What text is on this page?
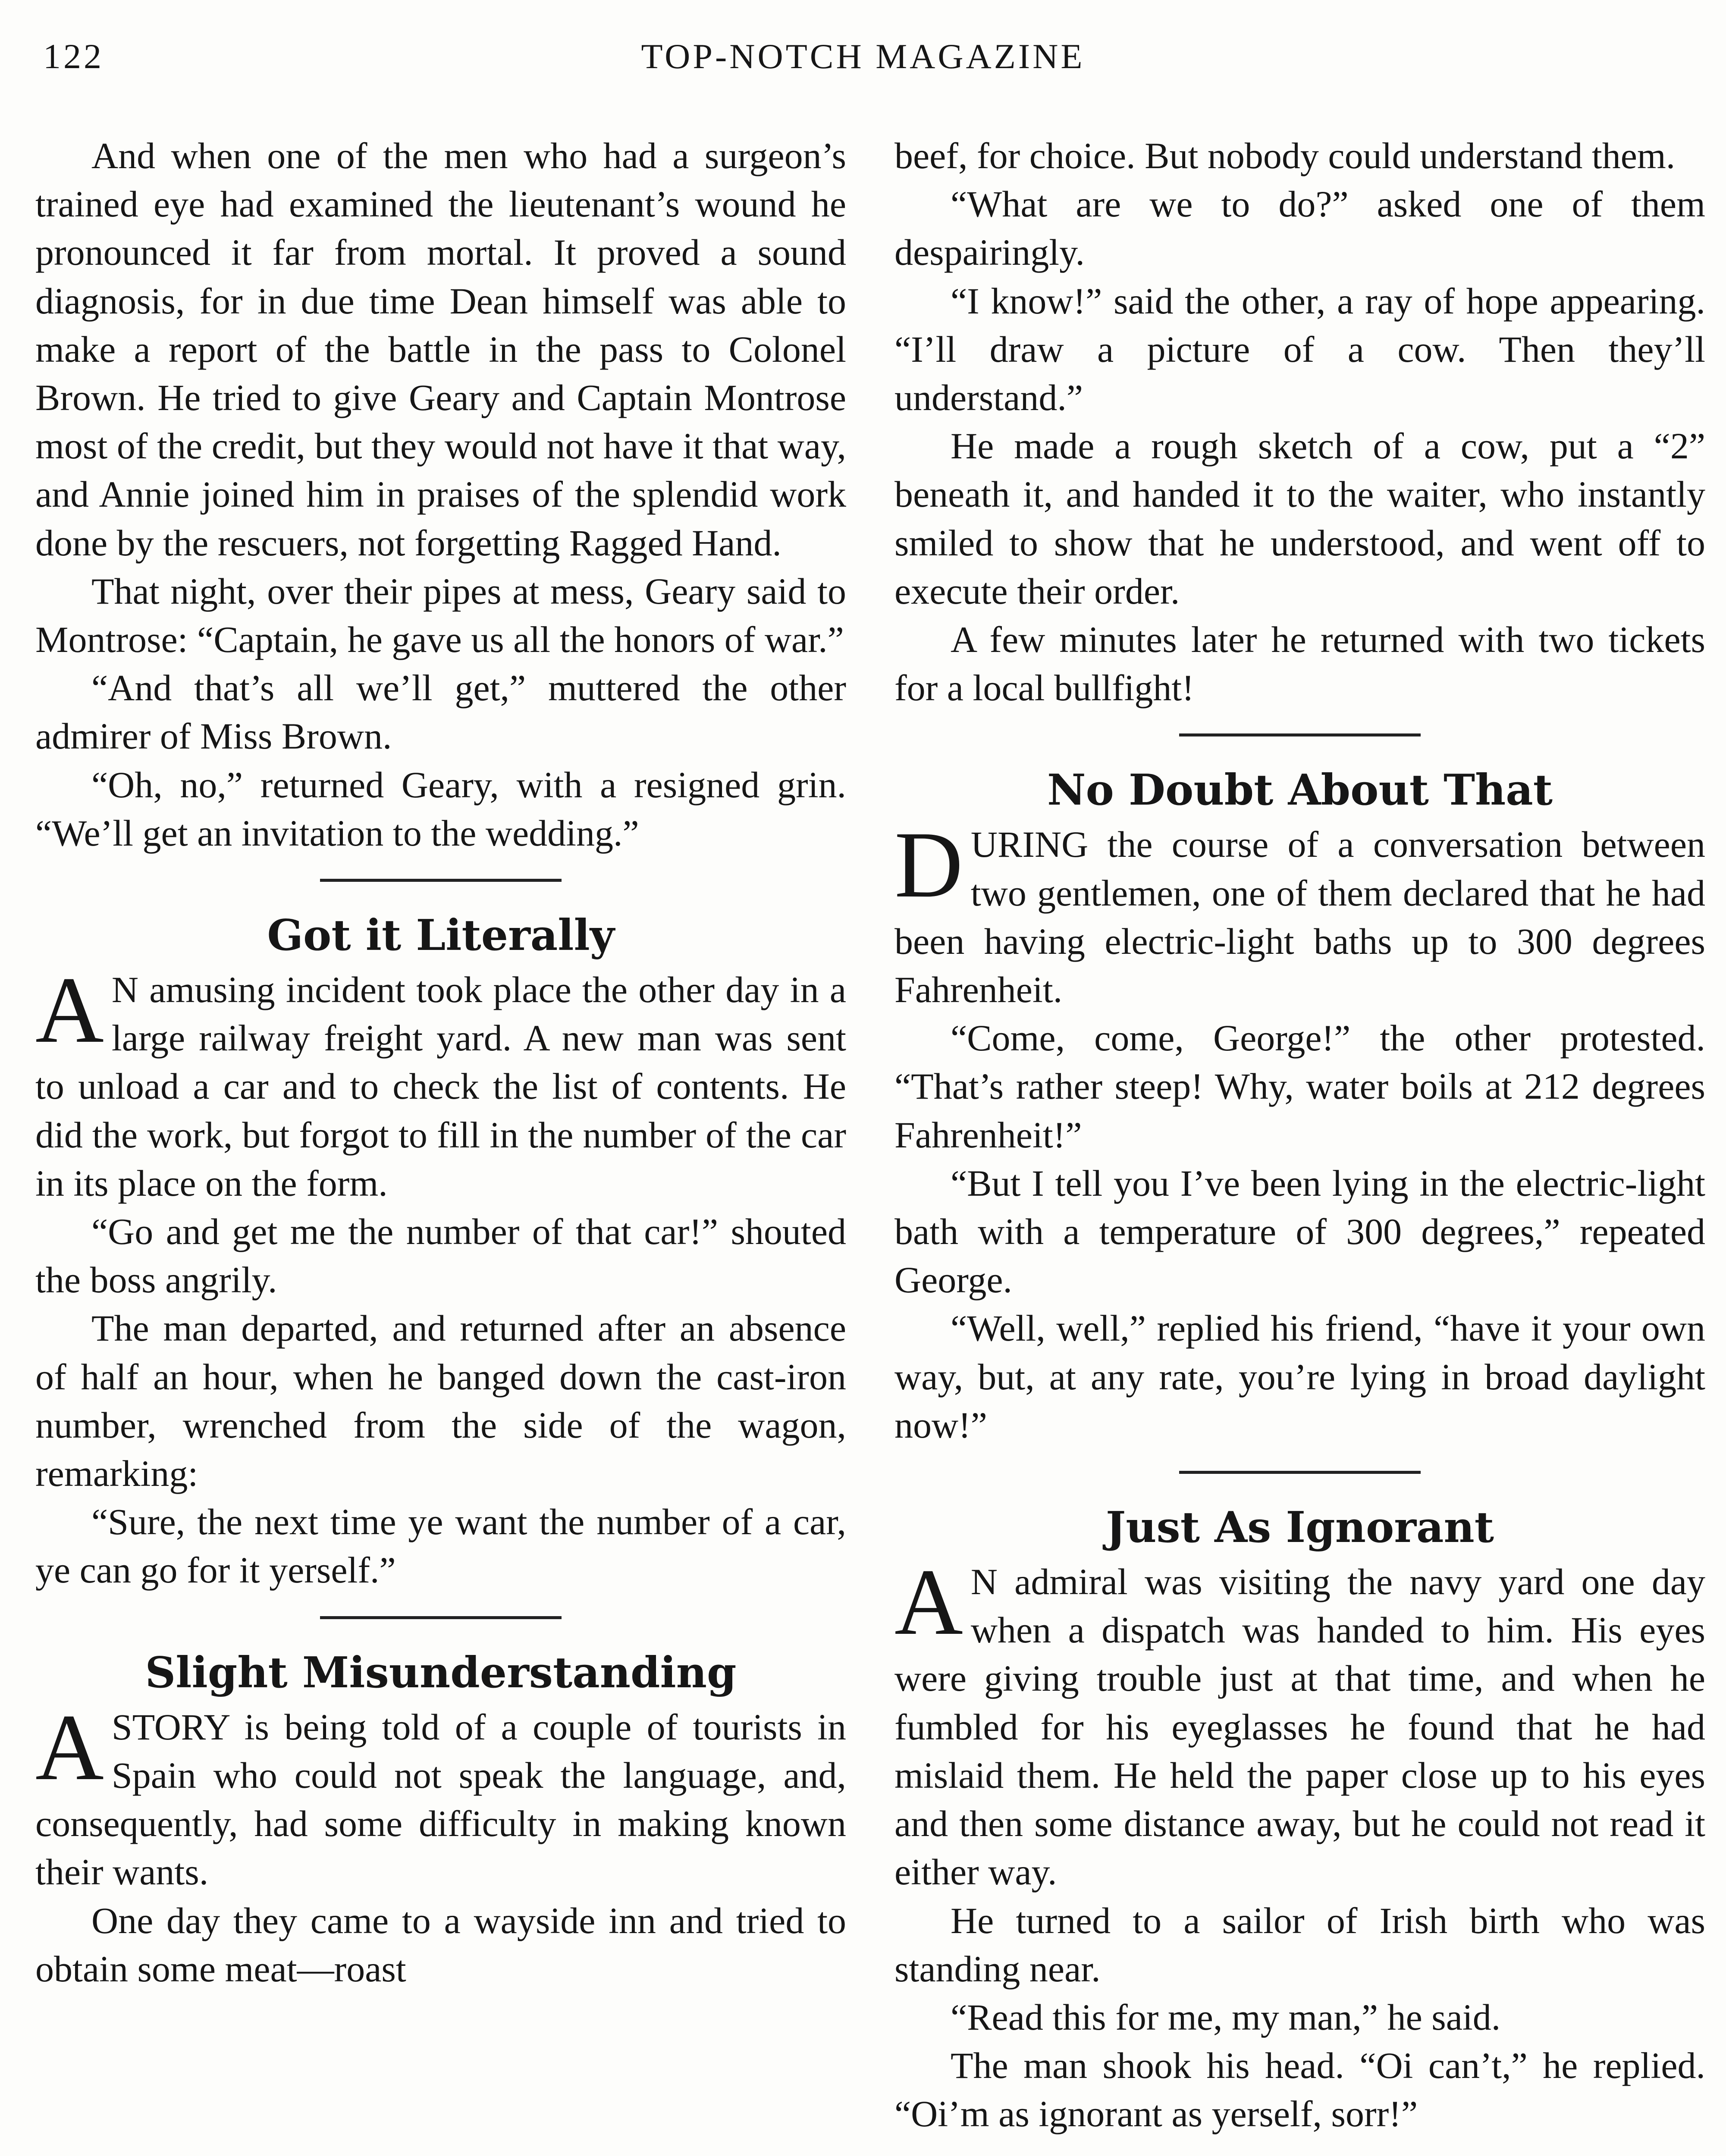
122	TOP-NOTCH MAGAZINE

And when one of the men who had a surgeon’s trained eye had examined the lieutenant’s wound he pronounced it far from mortal. It proved a sound diagnosis, for in due time Dean himself was able to make a report of the battle in the pass to Colonel Brown. He tried to give Geary and Captain Montrose most of the credit, but they would not have it that way, and Annie joined him in praises of the splendid work done by the rescuers, not forgetting Ragged Hand.

That night, over their pipes at mess, Geary said to Montrose: “Captain, he gave us all the honors of war.”

“And that’s all we’ll get,” muttered the other admirer of Miss Brown.

“Oh, no,” returned Geary, with a resigned grin. “We’ll get an invitation to the wedding.”

Got it Literally

A N amusing incident took place the other day in a large railway freight yard. A new man was sent to unload a car and to check the list of contents. He did the work, but forgot to fill in the number of the car in its place on the form.

“Go and get me the number of that car!” shouted the boss angrily.

The man departed, and returned after an absence of half an hour, when he banged down the cast-iron number, wrenched from the side of the wagon, remarking:

“Sure, the next time ye want the number of a car, ye can go for it yerself.”

Slight Misunderstanding

ASTORY is being told of a couple of tourists in Spain who could not speak the language, and, consequently, had some difficulty in making known their wants.

One day they came to a wayside inn and tried to obtain some meat—roast

beef, for choice. But nobody could understand them.

“What are we to do?” asked one of them despairingly.

“I know!” said the other, a ray of hope appearing. “I’ll draw a picture of a cow. Then they’ll understand.”

He made a rough sketch of a cow, put a “2” beneath it, and handed it to the waiter, who instantly smiled to show that he understood, and went off to execute their order.

A few minutes later he returned with two tickets for a local bullfight!

No Doubt About That

DURING the course of a conversation between two gentlemen, one of them declared that he had been having electric-light baths up to 300 degrees Fahrenheit.

“Come, come, George!” the other protested. “That’s rather steep! Why, water boils at 212 degrees Fahrenheit!”

“But I tell you I’ve been lying in the electric-light bath with a temperature of 300 degrees,” repeated George.

“Well, well,” replied his friend, “have it your own way, but, at any rate, you’re lying in broad daylight now!”

Just As Ignorant

A N admiral was visiting the navy yard one day when a dispatch was handed to him. His eyes were giving trouble just at that time, and when he fumbled for his eyeglasses he found that he had mislaid them. He held the paper close up to his eyes and then some distance away, but he could not read it either way.

He turned to a sailor of Irish birth who was standing near.

“Read this for me, my man,” he said.

The man shook his head. “Oi can’t,” he replied. “Oi’m as ignorant as yerself, sorr!”
